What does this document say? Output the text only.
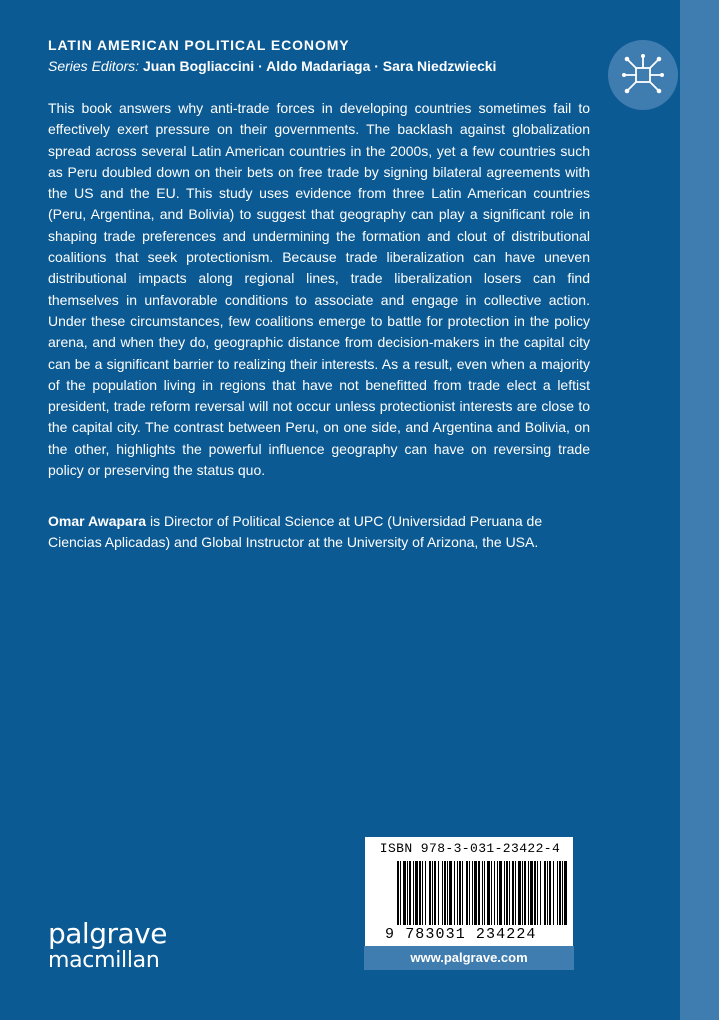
LATIN AMERICAN POLITICAL ECONOMY
Series Editors: Juan Bogliaccini · Aldo Madariaga · Sara Niedzwiecki

This book answers why anti-trade forces in developing countries sometimes fail to effectively exert pressure on their governments. The backlash against globalization spread across several Latin American countries in the 2000s, yet a few countries such as Peru doubled down on their bets on free trade by signing bilateral agreements with the US and the EU. This study uses evidence from three Latin American countries (Peru, Argentina, and Bolivia) to suggest that geography can play a significant role in shaping trade preferences and undermining the formation and clout of distributional coalitions that seek protectionism. Because trade liberalization can have uneven distributional impacts along regional lines, trade liberalization losers can find themselves in unfavorable conditions to associate and engage in collective action. Under these circumstances, few coalitions emerge to battle for protection in the policy arena, and when they do, geographic distance from decision-makers in the capital city can be a significant barrier to realizing their interests. As a result, even when a majority of the population living in regions that have not benefitted from trade elect a leftist president, trade reform reversal will not occur unless protectionist interests are close to the capital city. The contrast between Peru, on one side, and Argentina and Bolivia, on the other, highlights the powerful influence geography can have on reversing trade policy or preserving the status quo.

Omar Awapara is Director of Political Science at UPC (Universidad Peruana de Ciencias Aplicadas) and Global Instructor at the University of Arizona, the USA.

palgrave
macmillan
ISBN 978-3-031-23422-4
9 783031 234224
www.palgrave.com
